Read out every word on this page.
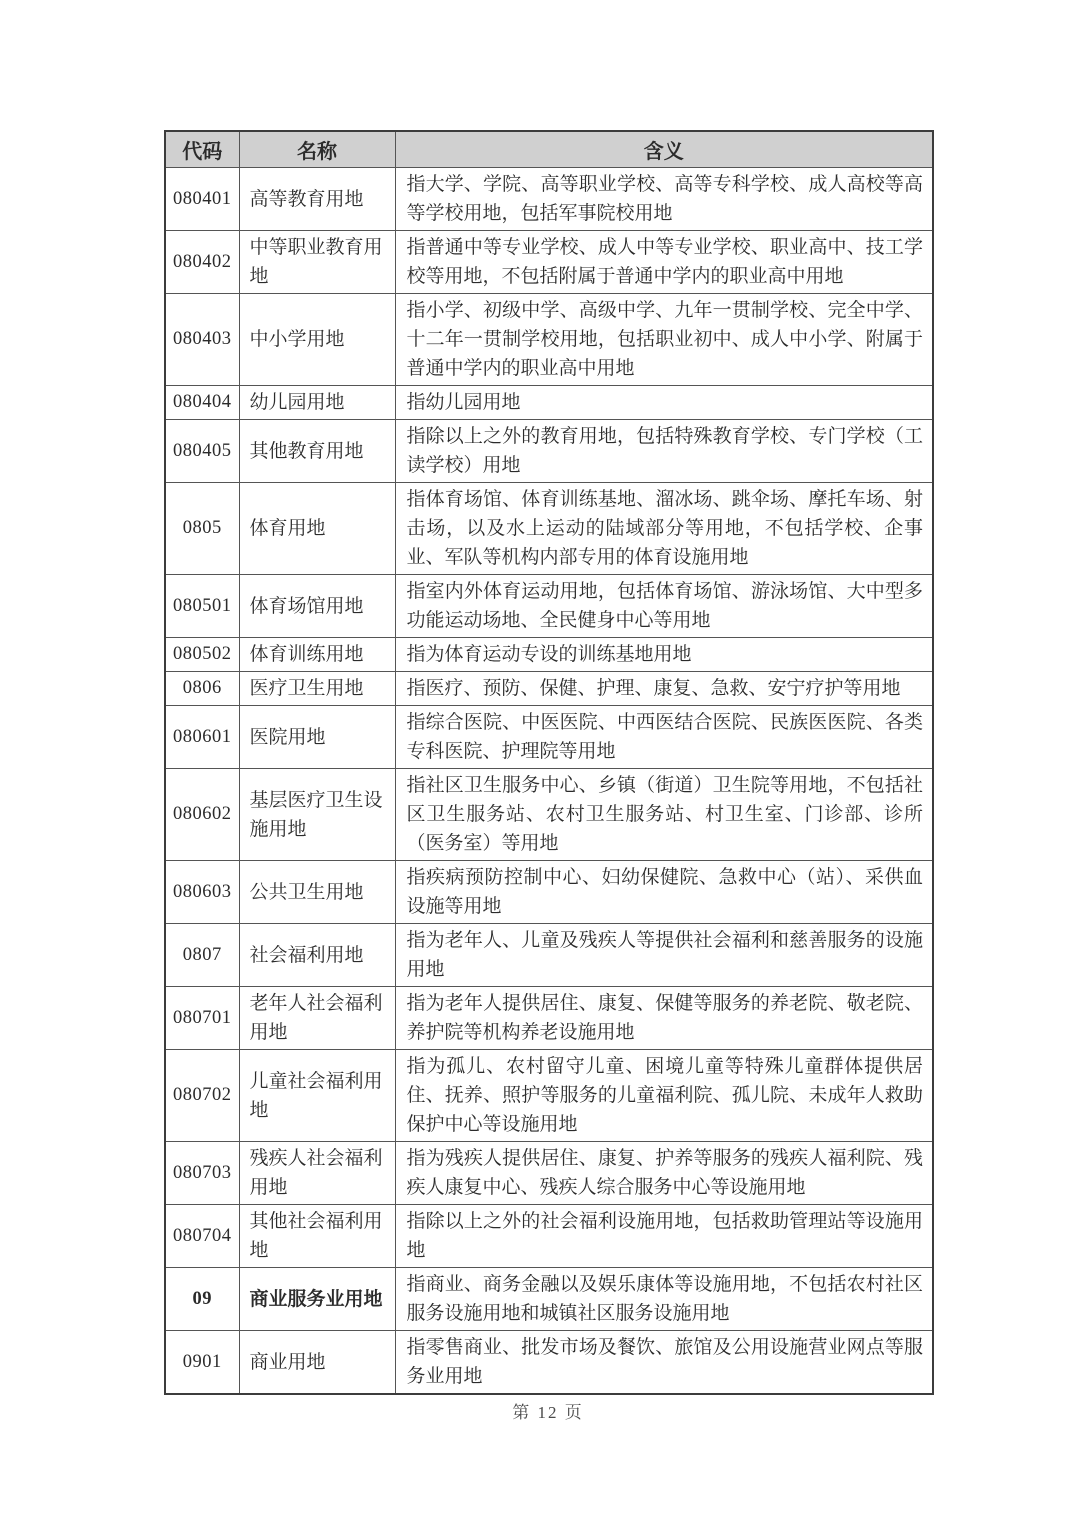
代码	名称	含义
080401	高等教育用地	指大学、学院、高等职业学校、高等专科学校、成人高校等高等学校用地，包括军事院校用地
080402	中等职业教育用地	指普通中等专业学校、成人中等专业学校、职业高中、技工学校等用地，不包括附属于普通中学内的职业高中用地
080403	中小学用地	指小学、初级中学、高级中学、九年一贯制学校、完全中学、十二年一贯制学校用地，包括职业初中、成人中小学、附属于普通中学内的职业高中用地
080404	幼儿园用地	指幼儿园用地
080405	其他教育用地	指除以上之外的教育用地，包括特殊教育学校、专门学校（工读学校）用地
0805	体育用地	指体育场馆、体育训练基地、溜冰场、跳伞场、摩托车场、射击场，以及水上运动的陆域部分等用地，不包括学校、企事业、军队等机构内部专用的体育设施用地
080501	体育场馆用地	指室内外体育运动用地，包括体育场馆、游泳场馆、大中型多功能运动场地、全民健身中心等用地
080502	体育训练用地	指为体育运动专设的训练基地用地
0806	医疗卫生用地	指医疗、预防、保健、护理、康复、急救、安宁疗护等用地
080601	医院用地	指综合医院、中医医院、中西医结合医院、民族医医院、各类专科医院、护理院等用地
080602	基层医疗卫生设施用地	指社区卫生服务中心、乡镇（街道）卫生院等用地，不包括社区卫生服务站、农村卫生服务站、村卫生室、门诊部、诊所（医务室）等用地
080603	公共卫生用地	指疾病预防控制中心、妇幼保健院、急救中心（站）、采供血设施等用地
0807	社会福利用地	指为老年人、儿童及残疾人等提供社会福利和慈善服务的设施用地
080701	老年人社会福利用地	指为老年人提供居住、康复、保健等服务的养老院、敬老院、养护院等机构养老设施用地
080702	儿童社会福利用地	指为孤儿、农村留守儿童、困境儿童等特殊儿童群体提供居住、抚养、照护等服务的儿童福利院、孤儿院、未成年人救助保护中心等设施用地
080703	残疾人社会福利用地	指为残疾人提供居住、康复、护养等服务的残疾人福利院、残疾人康复中心、残疾人综合服务中心等设施用地
080704	其他社会福利用地	指除以上之外的社会福利设施用地，包括救助管理站等设施用地
09	商业服务业用地	指商业、商务金融以及娱乐康体等设施用地，不包括农村社区服务设施用地和城镇社区服务设施用地
0901	商业用地	指零售商业、批发市场及餐饮、旅馆及公用设施营业网点等服务业用地
第 12 页
